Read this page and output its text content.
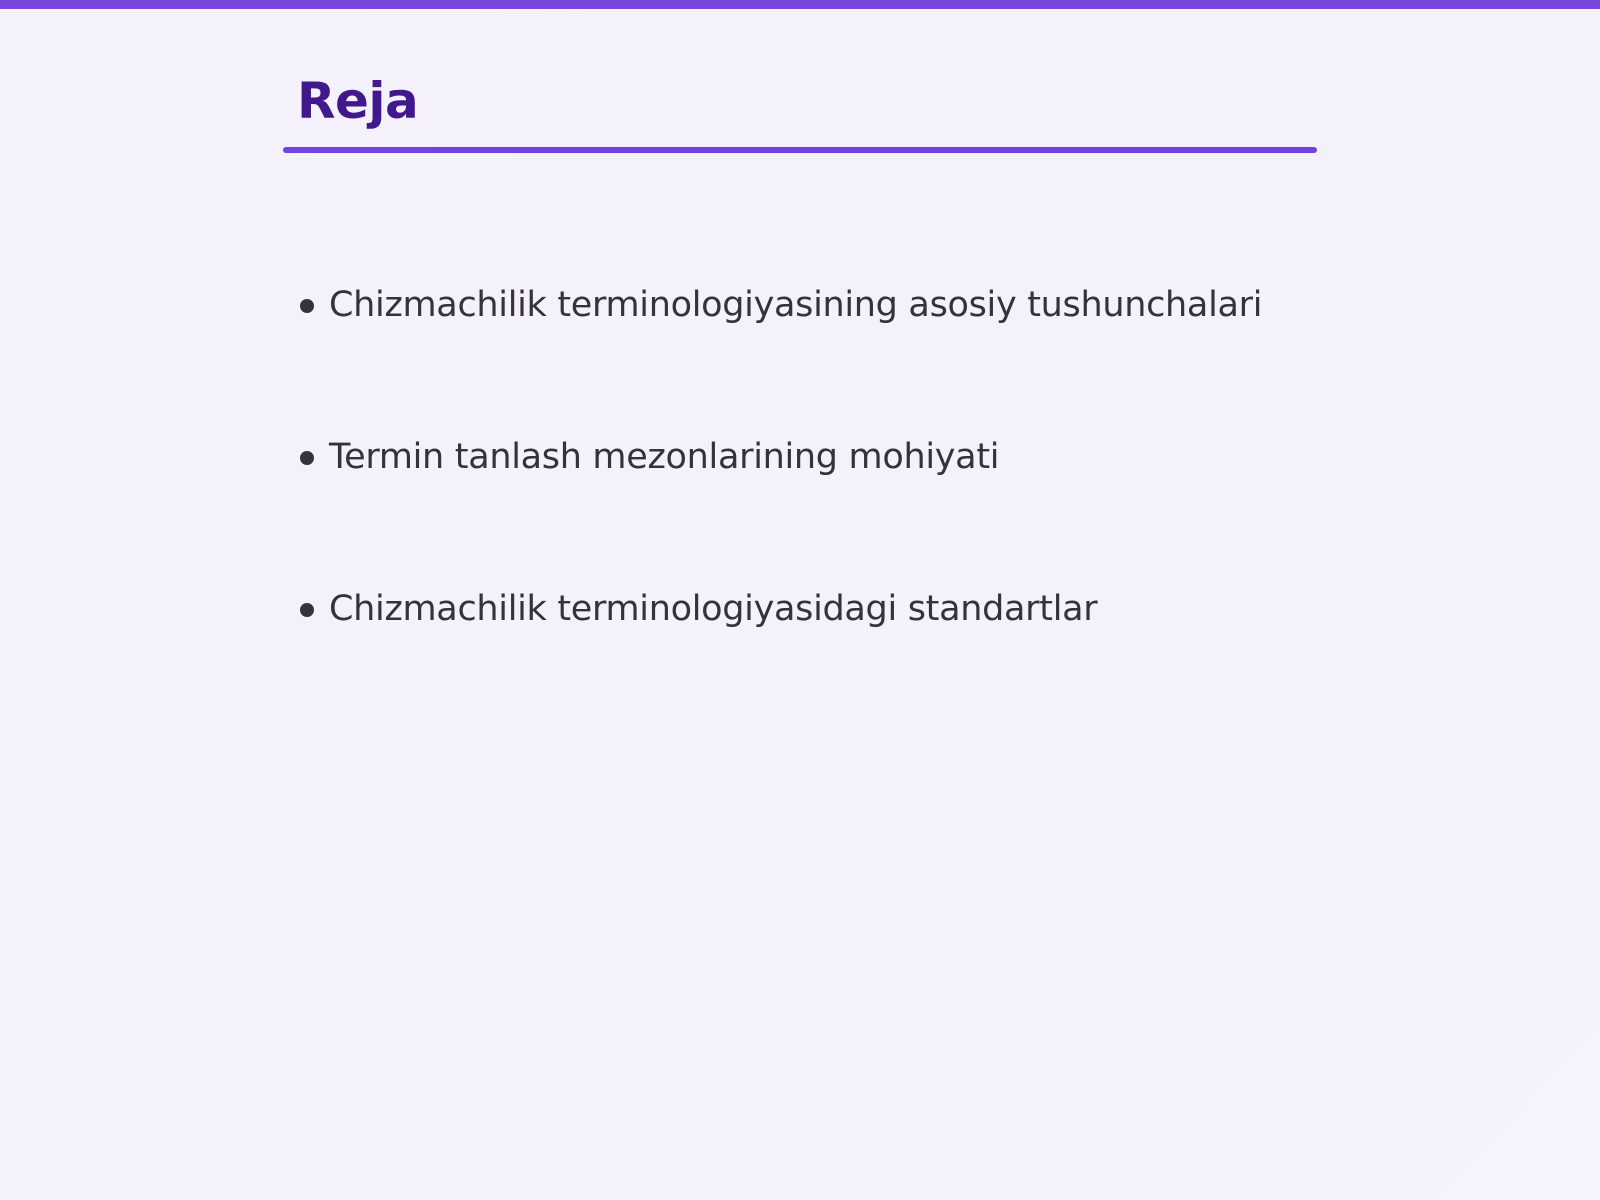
Reja
Chizmachilik terminologiyasining asosiy tushunchalari
Termin tanlash mezonlarining mohiyati
Chizmachilik terminologiyasidagi standartlar
